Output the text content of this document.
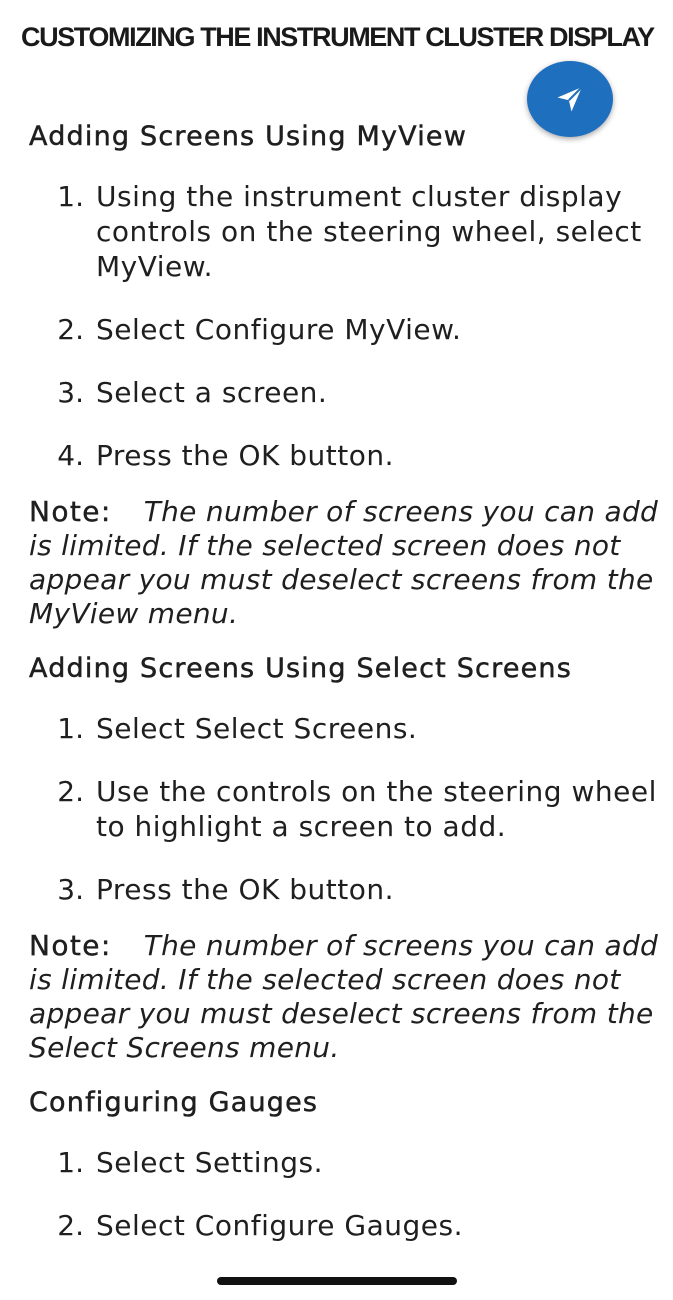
CUSTOMIZING THE INSTRUMENT CLUSTER DISPLAY
Adding Screens Using MyView
1. Using the instrument cluster display controls on the steering wheel, select MyView.
2. Select Configure MyView.
3. Select a screen.
4. Press the OK button.

Note: The number of screens you can add is limited. If the selected screen does not appear you must deselect screens from the MyView menu.

Adding Screens Using Select Screens
1. Select Select Screens.
2. Use the controls on the steering wheel to highlight a screen to add.
3. Press the OK button.

Note: The number of screens you can add is limited. If the selected screen does not appear you must deselect screens from the Select Screens menu.

Configuring Gauges
1. Select Settings.
2. Select Configure Gauges.
